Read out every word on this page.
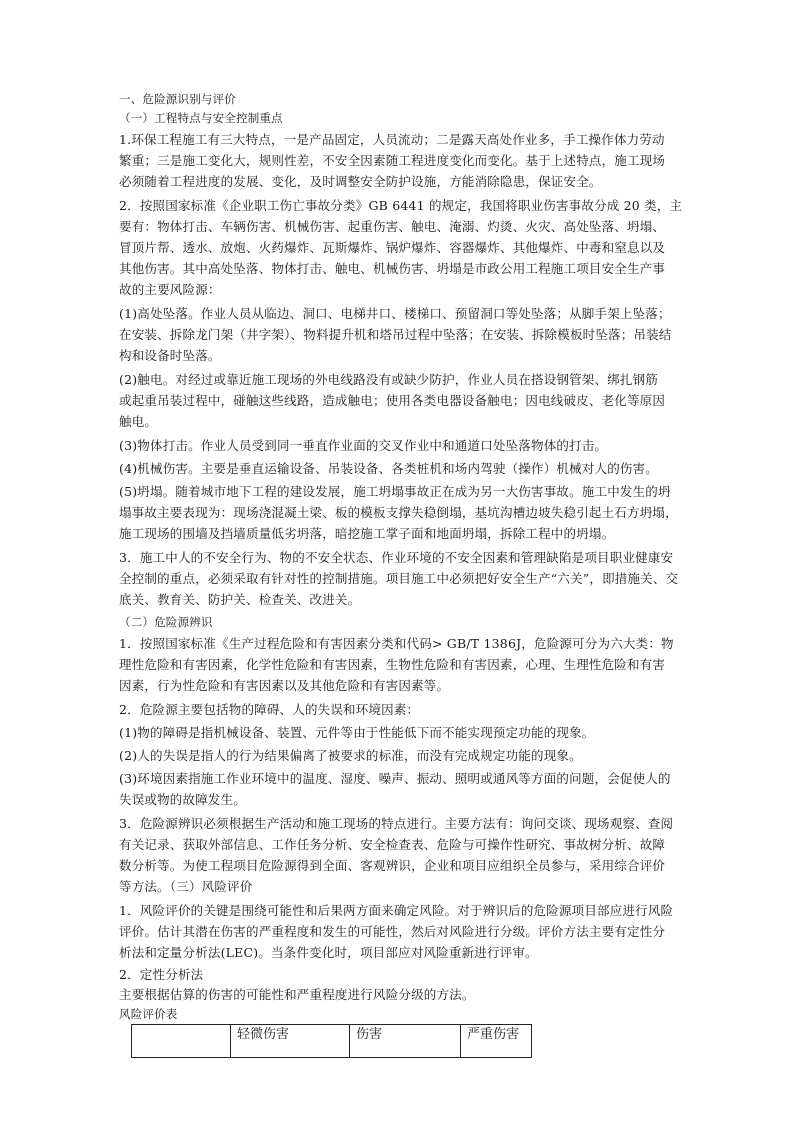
一、危险源识别与评价
（一）工程特点与安全控制重点
1.环保工程施工有三大特点，一是产品固定，人员流动；二是露天高处作业多，手工操作体力劳动
繁重；三是施工变化大，规则性差，不安全因素随工程进度变化而变化。基于上述特点，施工现场
必须随着工程进度的发展、变化，及时调整安全防护设施，方能消除隐患，保证安全。
2．按照国家标准《企业职工伤亡事故分类》GB 6441 的规定，我国将职业伤害事故分成 20 类，主
要有：物体打击、车辆伤害、机械伤害、起重伤害、触电、淹溺、灼烫、火灾、高处坠落、坍塌、
冒顶片帮、透水、放炮、火药爆炸、瓦斯爆炸、锅炉爆炸、容器爆炸、其他爆炸、中毒和窒息以及
其他伤害。其中高处坠落、物体打击、触电、机械伤害、坍塌是市政公用工程施工项目安全生产事
故的主要风险源：
(1)高处坠落。作业人员从临边、洞口、电梯井口、楼梯口、预留洞口等处坠落；从脚手架上坠落；
在安装、拆除龙门架（井字架）、物料提升机和塔吊过程中坠落；在安装、拆除模板时坠落；吊装结
构和设备时坠落。
(2)触电。对经过或靠近施工现场的外电线路没有或缺少防护，作业人员在搭设钢管架、绑扎钢筋
或起重吊装过程中，碰触这些线路，造成触电；使用各类电器设备触电；因电线破皮、老化等原因
触电。
(3)物体打击。作业人员受到同一垂直作业面的交叉作业中和通道口处坠落物体的打击。
(4)机械伤害。主要是垂直运输设备、吊装设备、各类桩机和场内驾驶（操作）机械对人的伤害。
(5)坍塌。随着城市地下工程的建设发展，施工坍塌事故正在成为另一大伤害事故。施工中发生的坍
塌事故主要表现为：现场浇混凝土梁、板的模板支撑失稳倒塌，基坑沟槽边坡失稳引起土石方坍塌，
施工现场的围墙及挡墙质量低劣坍落，暗挖施工掌子面和地面坍塌，拆除工程中的坍塌。
3．施工中人的不安全行为、物的不安全状态、作业环境的不安全因素和管理缺陷是项目职业健康安
全控制的重点，必须采取有针对性的控制措施。项目施工中必须把好安全生产“六关”，即措施关、交
底关、教育关、防护关、检查关、改进关。
（二）危险源辨识
1．按照国家标准《生产过程危险和有害因素分类和代码> GB/T 1386J，危险源可分为六大类：物
理性危险和有害因素，化学性危险和有害因素，生物性危险和有害因素，心理、生理性危险和有害
因素，行为性危险和有害因素以及其他危险和有害因素等。
2．危险源主要包括物的障碍、人的失误和环境因素：
(1)物的障碍是指机械设备、装置、元件等由于性能低下而不能实现预定功能的现象。
(2)人的失误是指人的行为结果偏离了被要求的标准，而没有完成规定功能的现象。
(3)环境因素指施工作业环境中的温度、湿度、噪声、振动、照明或通风等方面的问题，会促使人的
失误或物的故障发生。
3．危险源辨识必须根据生产活动和施工现场的特点进行。主要方法有：询问交谈、现场观察、查阅
有关记录、获取外部信息、工作任务分析、安全检查表、危险与可操作性研究、事故树分析、故障
数分析等。为使工程项目危险源得到全面、客观辨识，企业和项目应组织全员参与，采用综合评价
等方法。（三）风险评价
1．风险评价的关键是围绕可能性和后果两方面来确定风险。对于辨识后的危险源项目部应进行风险
评价。估计其潜在伤害的严重程度和发生的可能性，然后对风险进行分级。评价方法主要有定性分
析法和定量分析法(LEC)。当条件变化时，项目部应对风险重新进行评审。
2．定性分析法
主要根据估算的伤害的可能性和严重程度进行风险分级的方法。
风险评价表
	轻微伤害	伤害	严重伤害
